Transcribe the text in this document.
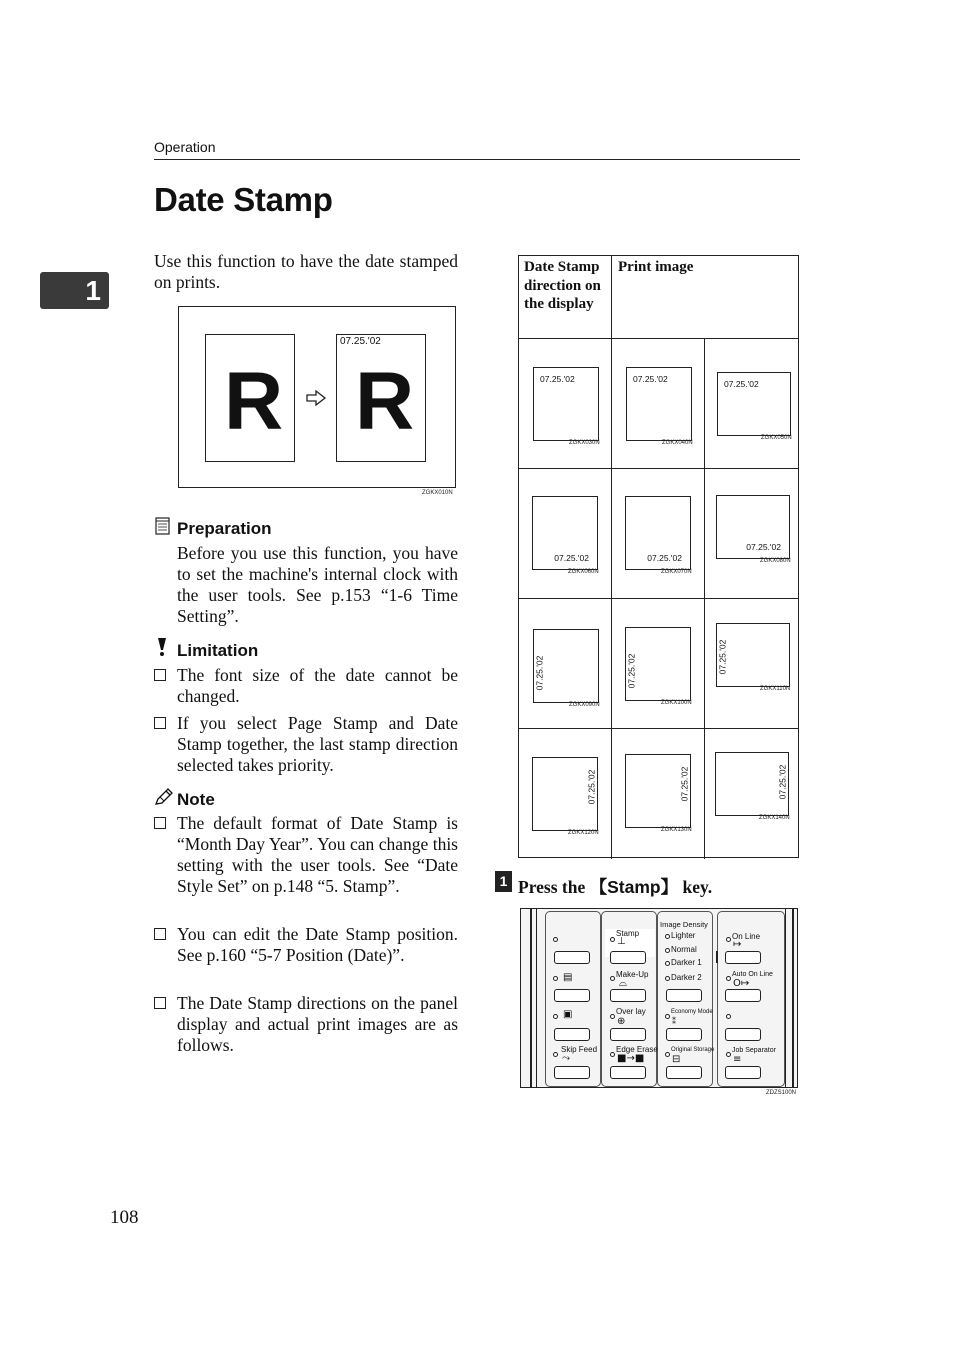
Operation
Date Stamp
1
Use this function to have the date stamped on prints.
R
07.25.'02
R
ZGKX010N
Preparation
Before you use this function, you have to set the machine's internal clock with the user tools. See p.153 “1-6 Time Setting”.
Limitation
The font size of the date cannot be changed.
If you select Page Stamp and Date Stamp together, the last stamp direction selected takes priority.
Note
The default format of Date Stamp is “Month Day Year”. You can change this setting with the user tools. See “Date Style Set” on p.148 “5. Stamp”.
You can edit the Date Stamp position. See p.160 “5-7 Position (Date)”.
The Date Stamp directions on the panel display and actual print images are as follows.
Date Stamp direction on the display
Print image
07.25.'02
ZGKX030N
07.25.'02
ZGKX040N
07.25.'02
ZGKX050N
07.25.'02
ZGKX060N
07.25.'02
ZGKX070N
07.25.'02
ZGKX080N
07.25.'02
ZGKX090N
07.25.'02
ZGKX100N
07.25.'02
ZGKX110N
07.25.'02
ZGKX120N
07.25.'02
ZGKX130N
07.25.'02
ZGKX140N
1 Press the 【Stamp】 key.
▤
▣
Skip Feed
⤳
Stamp
⊥
Make-Up
⌓
Over lay
⊕
Edge Erase
■→■
Image Density
Lighter
Normal
Darker 1
Darker 2
Economy Mode
⁑
Original Storage
⊟
On Line
↦
Auto On Line
O↦
Job Separator
≡
ZDZS100N
108
